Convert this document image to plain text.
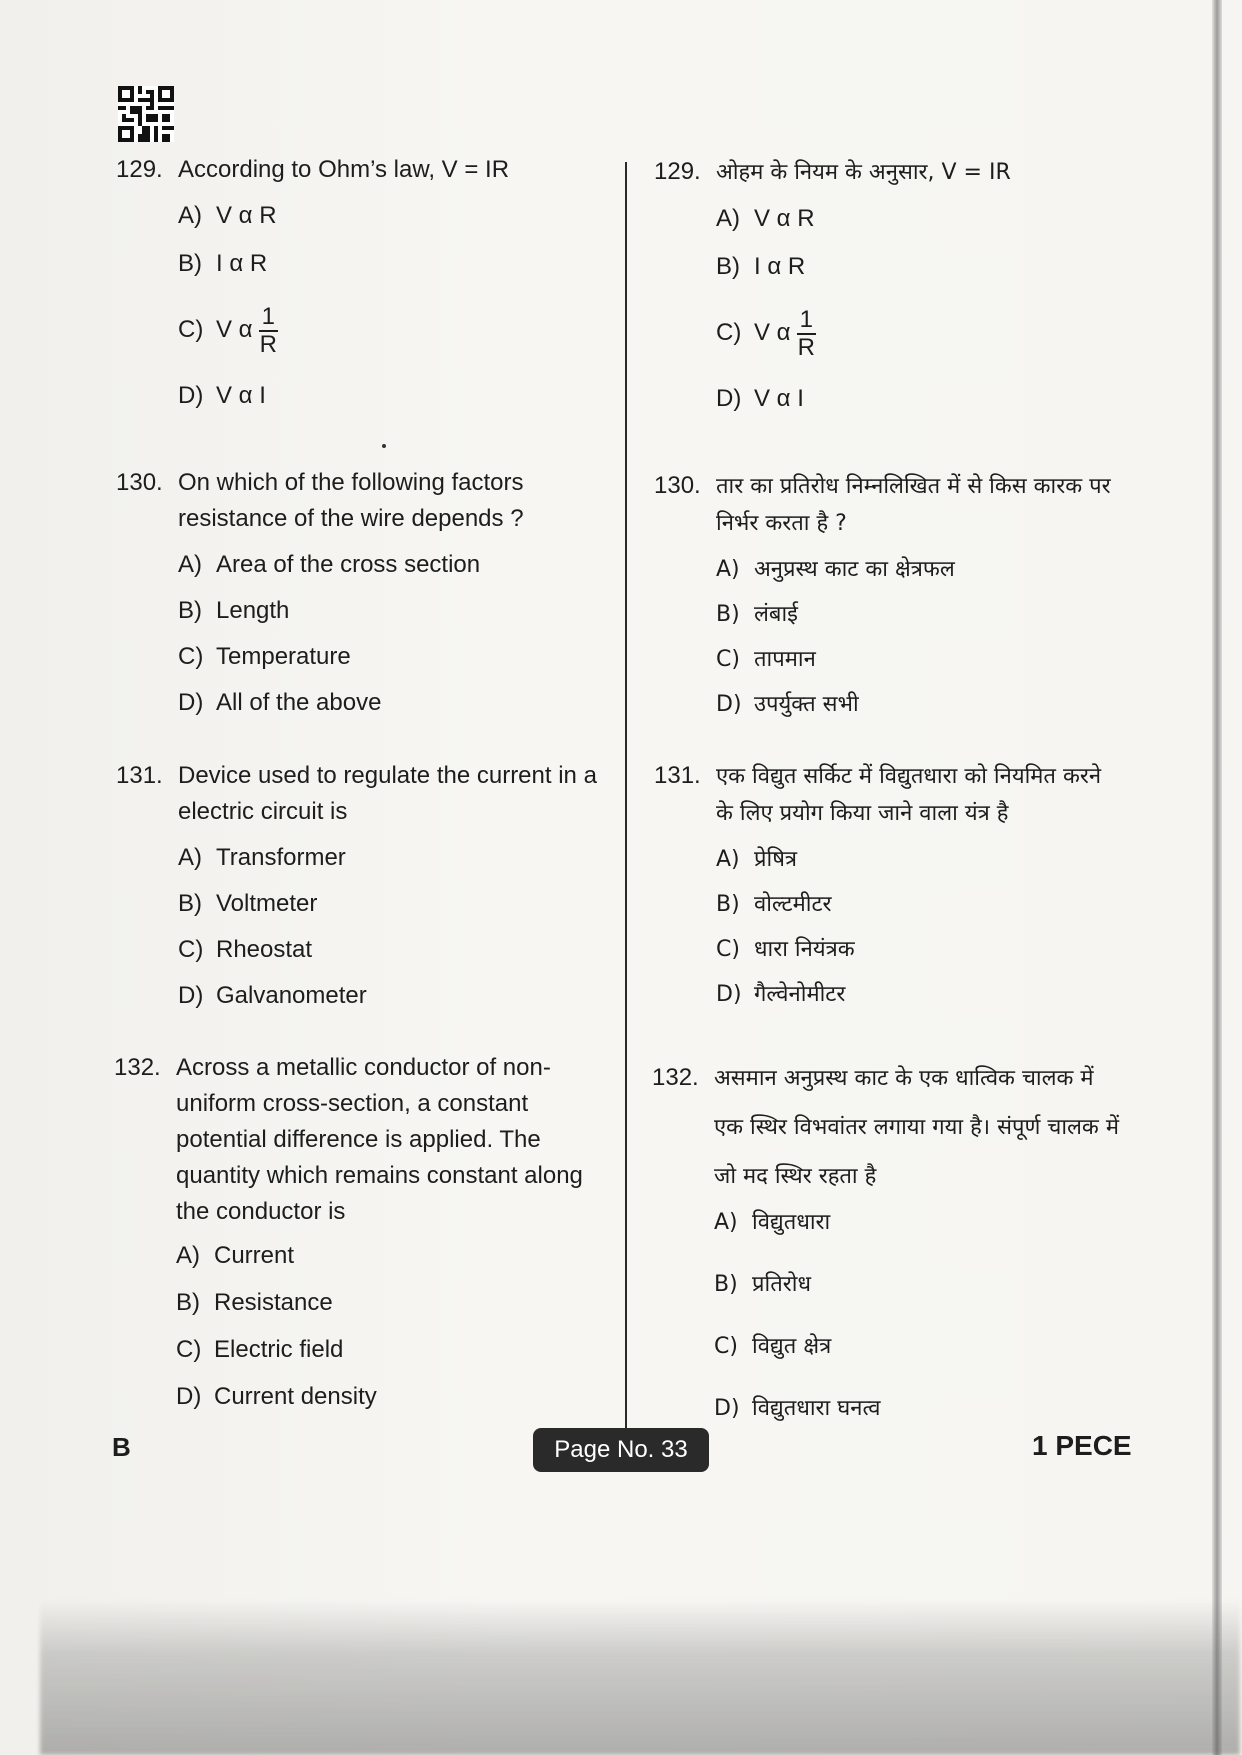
129. According to Ohm’s law, V = IR
A) V α R
B) I α R
C) V α $\frac{1}{R}$
D) V α I
130. On which of the following factors resistance of the wire depends ?
A) Area of the cross section
B) Length
C) Temperature
D) All of the above
131. Device used to regulate the current in a electric circuit is
A) Transformer
B) Voltmeter
C) Rheostat
D) Galvanometer
132. Across a metallic conductor of non-uniform cross-section, a constant potential difference is applied. The quantity which remains constant along the conductor is
A) Current
B) Resistance
C) Electric field
D) Current density
129. ओहम के नियम के अनुसार, V = IR
A) V α R
B) I α R
C) V α $\frac{1}{R}$
D) V α I
130. तार का प्रतिरोध निम्नलिखित में से किस कारक पर निर्भर करता है ?
A) अनुप्रस्थ काट का क्षेत्रफल
B) लंबाई
C) तापमान
D) उपर्युक्त सभी
131. एक विद्युत सर्किट में विद्युतधारा को नियमित करने के लिए प्रयोग किया जाने वाला यंत्र है
A) प्रेषित्र
B) वोल्टमीटर
C) धारा नियंत्रक
D) गैल्वेनोमीटर
132. असमान अनुप्रस्थ काट के एक धात्विक चालक में एक स्थिर विभवांतर लगाया गया है। संपूर्ण चालक में जो मद स्थिर रहता है
A) विद्युतधारा
B) प्रतिरोध
C) विद्युत क्षेत्र
D) विद्युतधारा घनत्व
B	Page No. 33	1 PECE
